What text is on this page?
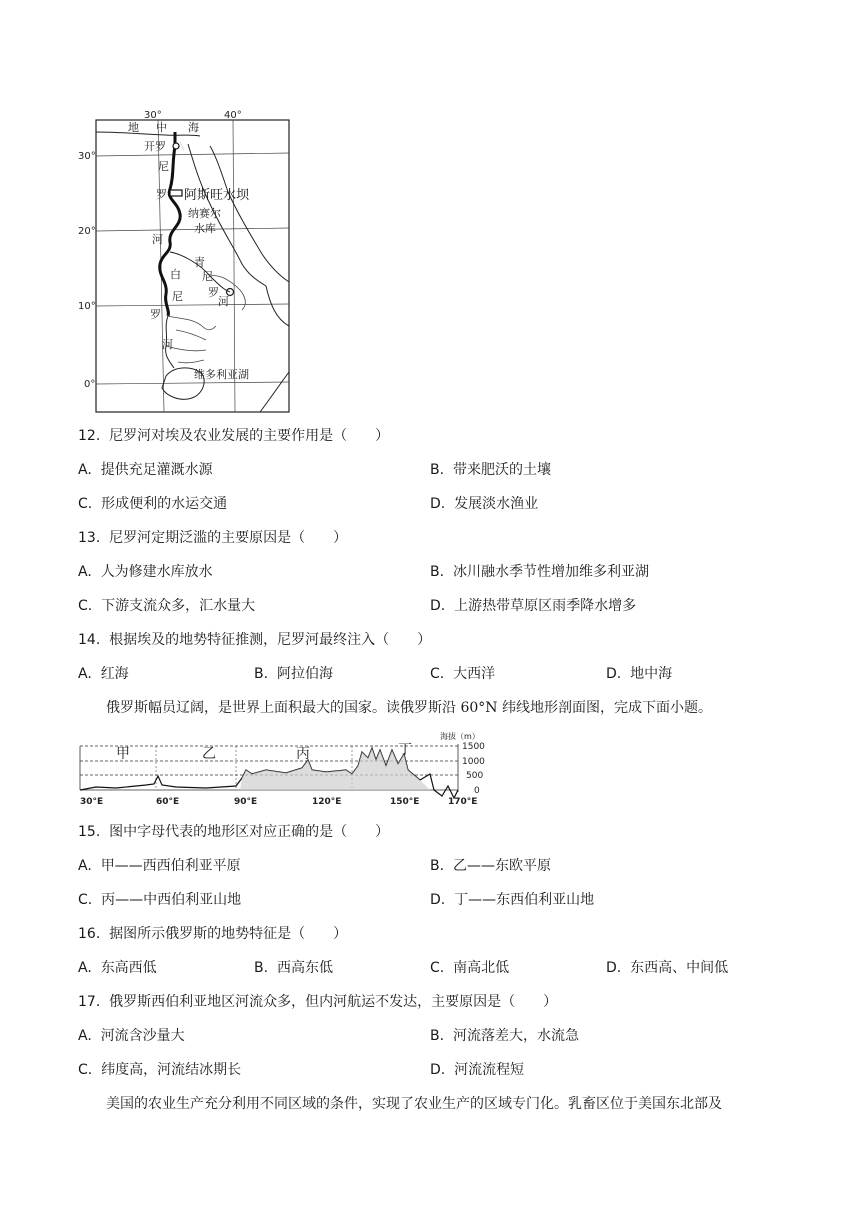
30°	40°
30°
20°
10°
0°
地 中 海
开罗
尼
罗 阿斯旺水坝
纳赛尔
水库
河
青
尼
罗
河
白
尼
罗
河
维多利亚湖
12. 尼罗河对埃及农业发展的主要作用是（　　）
A. 提供充足灌溉水源	B. 带来肥沃的土壤
C. 形成便利的水运交通	D. 发展淡水渔业
13. 尼罗河定期泛滥的主要原因是（　　）
A. 人为修建水库放水	B. 冰川融水季节性增加维多利亚湖
C. 下游支流众多，汇水量大	D. 上游热带草原区雨季降水增多
14. 根据埃及的地势特征推测，尼罗河最终注入（　　）
A. 红海	B. 阿拉伯海	C. 大西洋	D. 地中海
俄罗斯幅员辽阔，是世界上面积最大的国家。读俄罗斯沿 60°N 纬线地形剖面图，完成下面小题。
甲	乙	丙	丁
海拔（m）
1500
1000
500
0
30°E	60°E	90°E	120°E	150°E	170°E
15. 图中字母代表的地形区对应正确的是（　　）
A. 甲——西西伯利亚平原	B. 乙——东欧平原
C. 丙——中西伯利亚山地	D. 丁——东西伯利亚山地
16. 据图所示俄罗斯的地势特征是（　　）
A. 东高西低	B. 西高东低	C. 南高北低	D. 东西高、中间低
17. 俄罗斯西伯利亚地区河流众多，但内河航运不发达，主要原因是（　　）
A. 河流含沙量大	B. 河流落差大，水流急
C. 纬度高，河流结冰期长	D. 河流流程短
美国的农业生产充分利用不同区域的条件，实现了农业生产的区域专门化。乳畜区位于美国东北部及
